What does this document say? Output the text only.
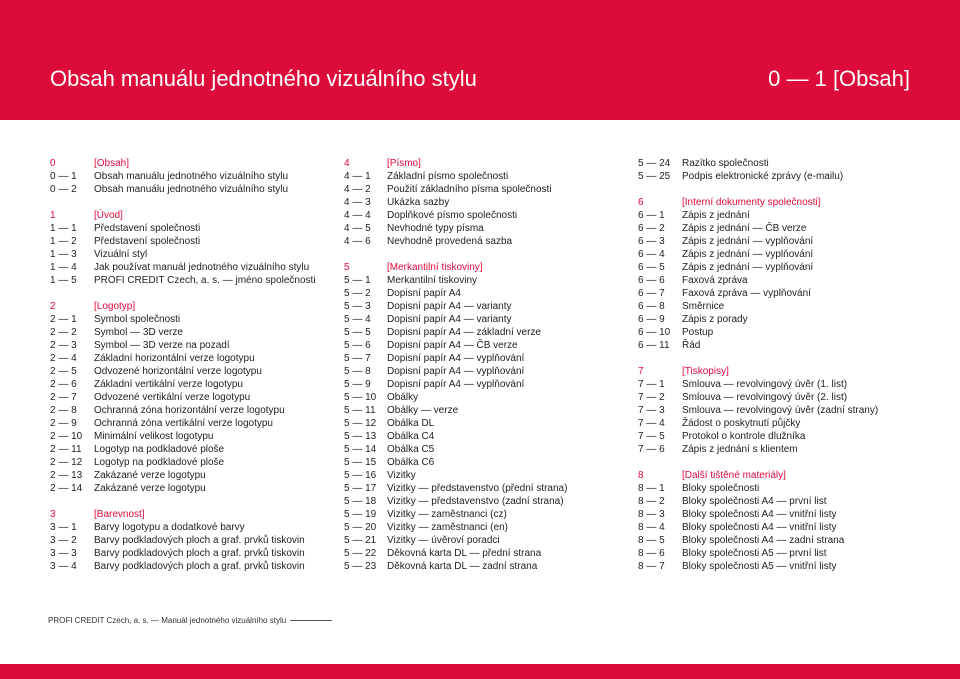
Obsah manuálu jednotného vizuálního stylu	0 — 1 [Obsah]
0	[Obsah]
0 — 1 Obsah manuálu jednotného vizuálního stylu
0 — 2 Obsah manuálu jednotného vizuálního stylu
1	[Úvod]
1 — 1 Představení společnosti
1 — 2 Představení společnosti
1 — 3 Vizuální styl
1 — 4 Jak používat manuál jednotného vizuálního stylu
1 — 5 PROFI CREDIT Czech, a. s. — jméno společnosti
2	[Logotyp]
2 — 1 Symbol společnosti
2 — 2 Symbol — 3D verze
2 — 3 Symbol — 3D verze na pozadí
2 — 4 Základní horizontální verze logotypu
2 — 5 Odvozené horizontální verze logotypu
2 — 6 Základní vertikální verze logotypu
2 — 7 Odvozené vertikální verze logotypu
2 — 8 Ochranná zóna horizontální verze logotypu
2 — 9 Ochranná zóna vertikální verze logotypu
2 — 10 Minimální velikost logotypu
2 — 11 Logotyp na podkladové ploše
2 — 12 Logotyp na podkladové ploše
2 — 13 Zakázané verze logotypu
2 — 14 Zakázané verze logotypu
3	[Barevnost]
3 — 1 Barvy logotypu a dodatkové barvy
3 — 2 Barvy podkladových ploch a graf. prvků tiskovin
3 — 3 Barvy podkladových ploch a graf. prvků tiskovin
3 — 4 Barvy podkladových ploch a graf. prvků tiskovin
4	[Písmo]
4 — 1 Základní písmo společnosti
4 — 2 Použití základního písma společnosti
4 — 3 Ukázka sazby
4 — 4 Doplňkové písmo společnosti
4 — 5 Nevhodné typy písma
4 — 6 Nevhodně provedená sazba
5	[Merkantilní tiskoviny]
5 — 1 Merkantilní tiskoviny
5 — 2 Dopisní papír A4
5 — 3 Dopisní papír A4 — varianty
5 — 4 Dopisní papír A4 — varianty
5 — 5 Dopisní papír A4 — základní verze
5 — 6 Dopisní papír A4 — ČB verze
5 — 7 Dopisní papír A4 — vyplňování
5 — 8 Dopisní papír A4 — vyplňování
5 — 9 Dopisní papír A4 — vyplňování
5 — 10 Obálky
5 — 11 Obálky — verze
5 — 12 Obálka DL
5 — 13 Obálka C4
5 — 14 Obálka C5
5 — 15 Obálka C6
5 — 16 Vizitky
5 — 17 Vizitky — představenstvo (přední strana)
5 — 18 Vizitky — představenstvo (zadní strana)
5 — 19 Vizitky — zaměstnanci (cz)
5 — 20 Vizitky — zaměstnanci (en)
5 — 21 Vizitky — úvěroví poradci
5 — 22 Děkovná karta DL — přední strana
5 — 23 Děkovná karta DL — zadní strana
5 — 24 Razítko společnosti
5 — 25 Podpis elektronické zprávy (e-mailu)
6	[Interní dokumenty společnosti]
6 — 1 Zápis z jednání
6 — 2 Zápis z jednání — ČB verze
6 — 3 Zápis z jednání — vyplňování
6 — 4 Zápis z jednání — vyplňování
6 — 5 Zápis z jednání — vyplňování
6 — 6 Faxová zpráva
6 — 7 Faxová zpráva — vyplňování
6 — 8 Směrnice
6 — 9 Zápis z porady
6 — 10 Postup
6 — 11 Řád
7	[Tiskopisy]
7 — 1 Smlouva — revolvingový úvěr (1. list)
7 — 2 Smlouva — revolvingový úvěr (2. list)
7 — 3 Smlouva — revolvingový úvěr (zadní strany)
7 — 4 Žádost o poskytnutí půjčky
7 — 5 Protokol o kontrole dlužníka
7 — 6 Zápis z jednání s klientem
8	[Další tištěné materiály]
8 — 1 Bloky společnosti
8 — 2 Bloky společnosti A4 — první list
8 — 3 Bloky společnosti A4 — vnitřní listy
8 — 4 Bloky společnosti A4 — vnitřní listy
8 — 5 Bloky společnosti A4 — zadní strana
8 — 6 Bloky společnosti A5 — první list
8 — 7 Bloky společnosti A5 — vnitřní listy
PROFI CREDIT Czech, a. s. — Manuál jednotného vizuálního stylu
